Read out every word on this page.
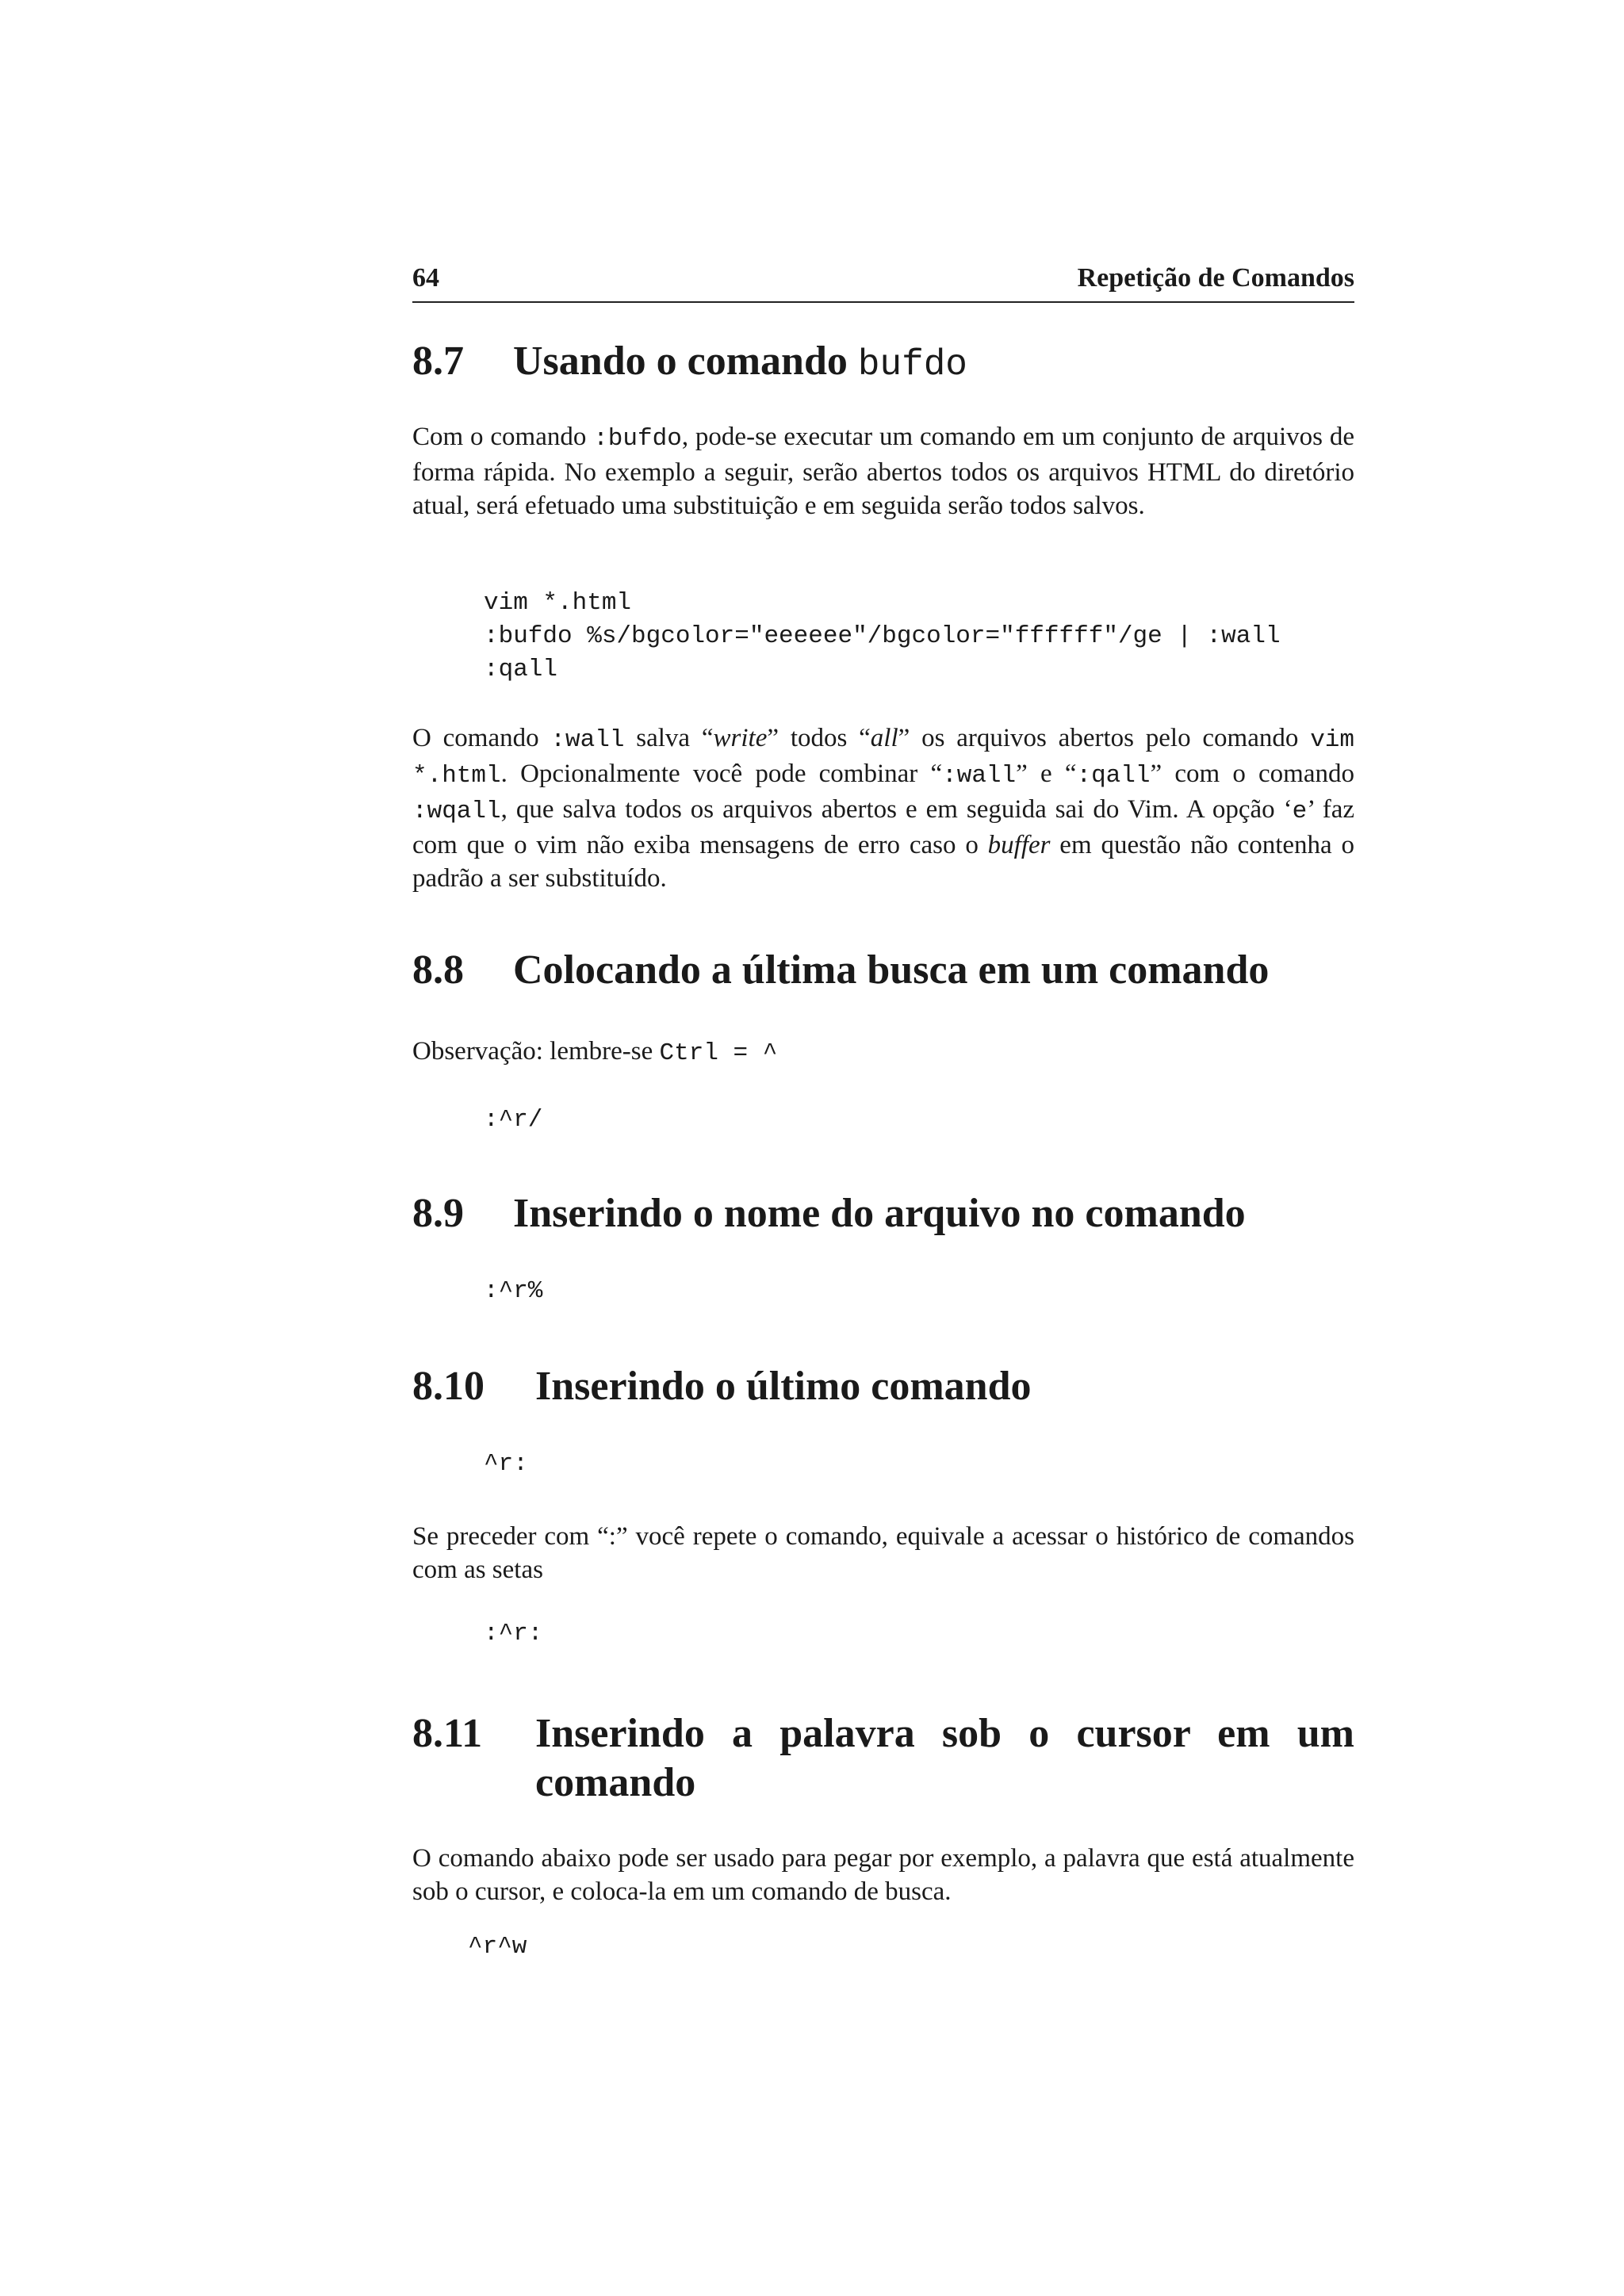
64	Repetição de Comandos
8.7	Usando o comando bufdo

Com o comando :bufdo, pode-se executar um comando em um conjunto de arquivos de forma rápida. No exemplo a seguir, serão abertos todos os arquivos HTML do diretório atual, será efetuado uma substituição e em seguida serão todos salvos.

vim *.html
:bufdo %s/bgcolor="eeeeee"/bgcolor="ffffff"/ge | :wall
:qall

O comando :wall salva “write” todos “all” os arquivos abertos pelo comando vim *.html. Opcionalmente você pode combinar “:wall” e “:qall” com o comando :wqall, que salva todos os arquivos abertos e em seguida sai do Vim. A opção ‘e’ faz com que o vim não exiba mensagens de erro caso o buffer em questão não contenha o padrão a ser substituído.

8.8	Colocando a última busca em um comando

Observação: lembre-se Ctrl = ^

:^r/
8.9	Inserindo o nome do arquivo no comando
:^r%
8.10	Inserindo o último comando
^r:

Se preceder com “:” você repete o comando, equivale a acessar o histórico de comandos com as setas

:^r:
8.11	Inserindo a palavra sob o cursor em um
comando

O comando abaixo pode ser usado para pegar por exemplo, a palavra que está atualmente sob o cursor, e coloca-la em um comando de busca.

^r^w
